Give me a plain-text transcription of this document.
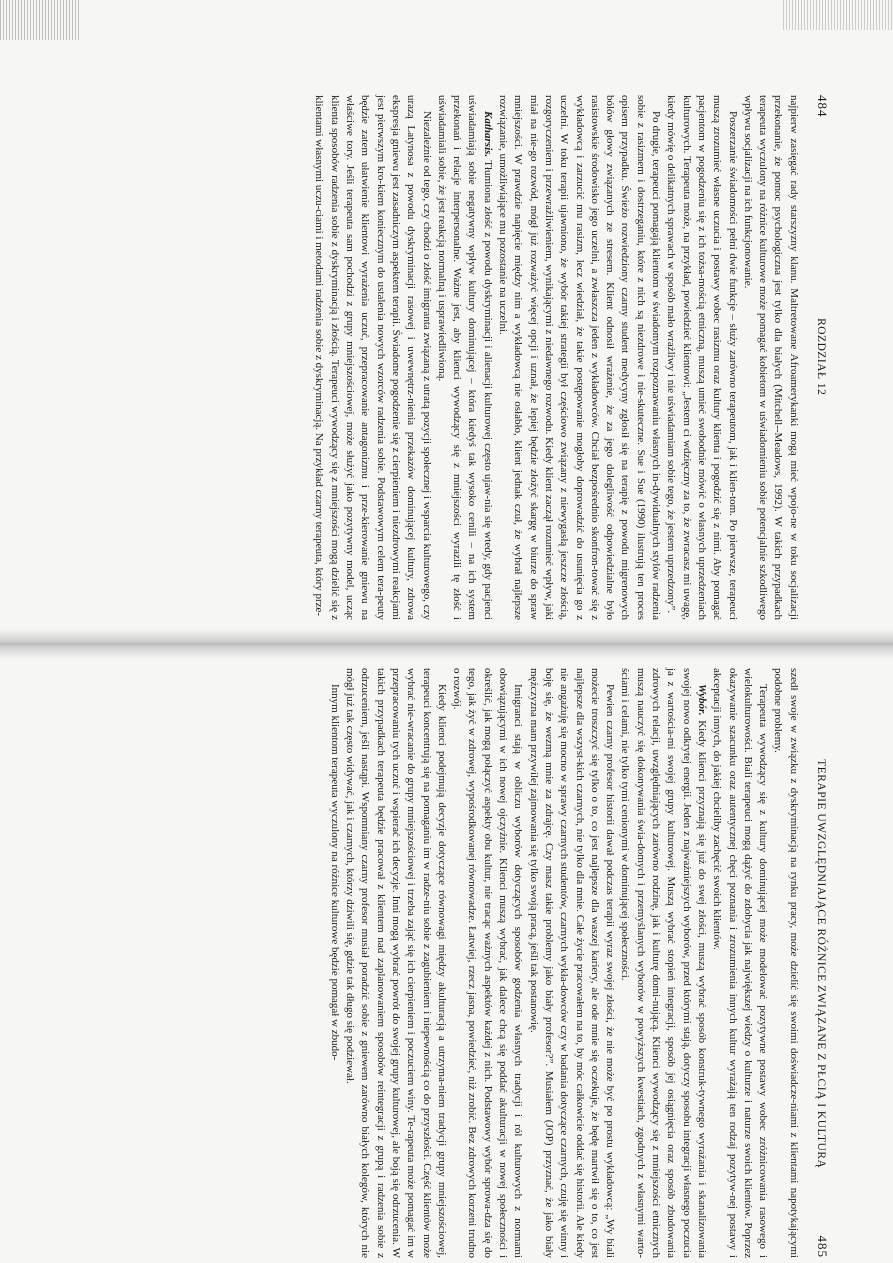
484
ROZDZIAŁ 12

najpierw zasięgać rady starszyzny klanu. Maltretowane Afroamerykanki mogą mieć wpojo-ne w toku socjalizacji przekonanie, że pomoc psychologiczna jest tylko dla białych (Mitchell--Meadows, 1992). W takich przypadkach terapeuta wyczulony na różnice kulturowe może pomagać kobietom w uświadomieniu sobie potencjalnie szkodliwego wpływu socjalizacji na ich funkcjonowanie.

Poszerzanie świadomości pełni dwie funkcje – służy zarówno terapeutom, jak i klien-tom. Po pierwsze, terapeuci muszą zrozumieć własne uczucia i postawy wobec rasizmu oraz kultury klienta i pogodzić się z nimi. Aby pomagać pacjentom w pogodzeniu się z ich tożsa-mością etniczną, muszą umieć swobodnie mówić o własnych uprzedzeniach kulturowych. Terapeuta może, na przykład, powiedzieć klientowi: „Jestem ci wdzięczny za to, że zwracasz mi uwagę, kiedy mówię o delikatnych sprawach w sposób mało wrażliwy i nie uświadamiam sobie tego, że jestem uprzedzony”.

Po drugie, terapeuci pomagają klientom w świadomym rozpoznawaniu własnych in-dywidualnych stylów radzenia sobie z rasizmem i dostrzeganiu, które z nich są niezdrowe i nie-skuteczne. Sue i Sue (1990) ilustrują ten proces opisem przypadku. Świeżo rozwiedziony czarny student medycyny zgłosił się na terapię z powodu migrenowych bólów głowy związanych ze stresem. Klient odnosił wrażenie, że za jego dolegliwość odpowiedzialne było rasistowskie środowisko jego uczelni, a zwłaszcza jeden z wykładowców. Chciał bezpośrednio skonfron-tować się z wykładowcą i zarzucić mu rasizm, lecz wiedział, że takie postępowanie mogłoby doprowadzić do usunięcia go z uczelni. W toku terapii ujawniono, że wybór takiej strategii był częściowo związany z niewygasłą jeszcze złością, rozgoryczeniem i przewrażliwieniem, wynikającymi z niedawnego rozwodu. Kiedy klient zaczął rozumieć wpływ, jaki miał na nie-go rozwód, mógł już rozważyć więcej opcji i uznał, że lepiej będzie złożyć skargę w biurze do spraw mniejszości. W prawdzie napięcie między nim a wykładowcą nie osłabło, klient jednak czuł, że wybrał najlepsze rozwiązanie, umożliwiające mu pozostanie na uczelni.

Katharsis. Tłumiona złość z powodu dyskryminacji i alienacji kulturowej często ujaw-nia się wtedy, gdy pacjenci uświadamiają sobie negatywny wpływ kultury dominującej – która kiedyś tak wysoko cenili – na ich system przekonań i relacje interpersonalne. Ważne jest, aby klienci wywodzący się z mniejszości wyrazili tę złość i uświadamiali sobie, że jest reakcją normalną i usprawiedliwioną.

Niezależnie od tego, czy chodzi o złość imigranta związaną z utratą pozycji społecznej i wsparcia kulturowego, czy urazą Latynosa z powodu dyskryminacji rasowej i uwewnętrz-nienia przekazów dominującej kultury, zdrowa ekspresja gniewu jest zasadniczym aspektem terapii. Świadome pogodzenie się z cierpieniem i niezdrowymi reakcjami jest pierwszym kro-kiem koniecznym do ustalenia nowych wzorców radzenia sobie. Podstawowym celem tera-peuty będzie zatem ułatwienie klientowi wyrażenia uczuć, przepracowanie antagonizmu i prze-kierowanie gniewu na właściwe tory. Jeśli terapeuta sam pochodzi z grupy mniejszościowej, może służyć jako pozytywny model, ucząc klienta sposobów radzenia sobie z dyskryminacją i złością. Terapeuci wywodzący się z mniejszości mogą dzielić się z klientami własnymi uczu-ciami i metodami radzenia sobie z dyskryminacją. Na przykład czarny terapeuta, który prze-

TERAPIE UWZGLĘDNIAJĄCE RÓŻNICE ZWIĄZANE Z PŁCIĄ I KULTURĄ
485

szedł swoje w związku z dyskryminacją na rynku pracy, może dzielić się swoimi doświadcze-niami z klientami napotykającymi podobne problemy.

Terapeuta wywodzący się z kultury dominującej może modelować pozytywne postawy wobec zróżnicowania rasowego i wielokulturowości. Biali terapeuci mogą dążyć do zdobycia jak największej wiedzy o kulturze i naturze swoich klientów. Poprzez okazywanie szacunku oraz autentycznej chęci poznania i zrozumienia innych kultur wyrażają ten rodzaj pozytyw-nej postawy i akceptacji innych, do jakiej chcieliby zachęcić swoich klientów.

Wybór. Kiedy klienci przyznają się już do swej złości, muszą wybrać sposób konstruk-tywnego wyrażania i skanalizowania swojej nowo odkrytej energii. Jeden z najważniejszych wyborów, przed którymi stają, dotyczy sposobu integracji własnego poczucia ja z wartościa-mi swojej grupy kulturowej. Muszą wybrać stopień integracji, sposób jej osiągnięcia oraz sposób zbudowania zdrowych relacji, uwzględniających zarówno rodzinę, jak i kulturę domi-nującą. Klienci wywodzący się z mniejszości etnicznych muszą nauczyć się dokonywania świa-domych i przemyślanych wyborów w powyższych kwestiach, zgodnych z własnymi warto-ściami i celami, nie tylko tymi cenionymi w dominującej społeczności.

Pewien czarny profesor historii dawał podczas terapii wyraz swojej złości, że nie może być po prostu wykładowcą: „Wy biali możecie troszczyć się tylko o to, co jest najlepsze dla waszej kariery, ale ode mnie się oczekuje, że będę martwił się o to, co jest najlepsze dla wszyst-kich czarnych, nie tylko dla mnie. Całe życie pracowałem na to, by móc całkowicie oddać się historii. Ale kiedy nie angażuję się mocno w sprawy czarnych studentów, czarnych wykła-dowców czy w badania dotyczące czarnych, czuję się winny i boję się, że wezmą mnie za zdrajcę. Czy masz takie problemy jako biały profesor?”. Musiałem (JOP) przyznać, że jako biały mężczyzna mam przywilej zajmowania się tylko swoją pracą, jeśli tak postanowię.

Imigranci stają w obliczu wyborów dotyczących sposobów godzenia własnych tradycji i ról kulturowych z normami obowiązującymi w ich nowej ojczyźnie. Klienci muszą wybrać, jak dalece chcą się poddać akulturacji w nowej społeczności i określić, jak mogą połączyć aspekty obu kultur, nie tracąc ważnych aspektów każdej z nich. Podstawowy wybór sprowa-dza się do tego, jak żyć w zdrowej, wypośrodkowanej równowadze. Łatwiej, rzecz jasna, powiedzieć, niż zrobić. Bez zdrowych korzeni trudno o rozwój.

Kiedy klienci podejmują decyzje dotyczące równowagi między akulturacją a utrzyma-niem tradycji grupy mniejszościowej, terapeuci koncentrują się na pomaganiu im w radze-niu sobie z zagubieniem i niepewnością co do przyszłości. Część klientów może wybrać nie-wracanie do grupy mniejszościowej i trzeba zająć się ich cierpieniem i poczuciem winy. Te-rapeuta może pomagać im w przepracowaniu tych uczuć i wspierać ich decyzje. Inni mogą wybrać powrót do swojej grupy kulturowej, ale boją się odrzucenia. W takich przypadkach terapeuta będzie pracował z klientem nad zaplanowaniem sposobów reintegracji z grupą i radzenia sobie z odrzuceniem, jeśli nastąpi. Wspomniany czarny profesor musiał poradzić sobie z gniewem zarówno białych kolegów, których nie mógł już tak często widywać, jak i czarnych, którzy dziwili się, gdzie tak długo się podziewał.

Innym klientom terapeuta wyczulony na różnice kulturowe będzie pomagał w zbudo-
